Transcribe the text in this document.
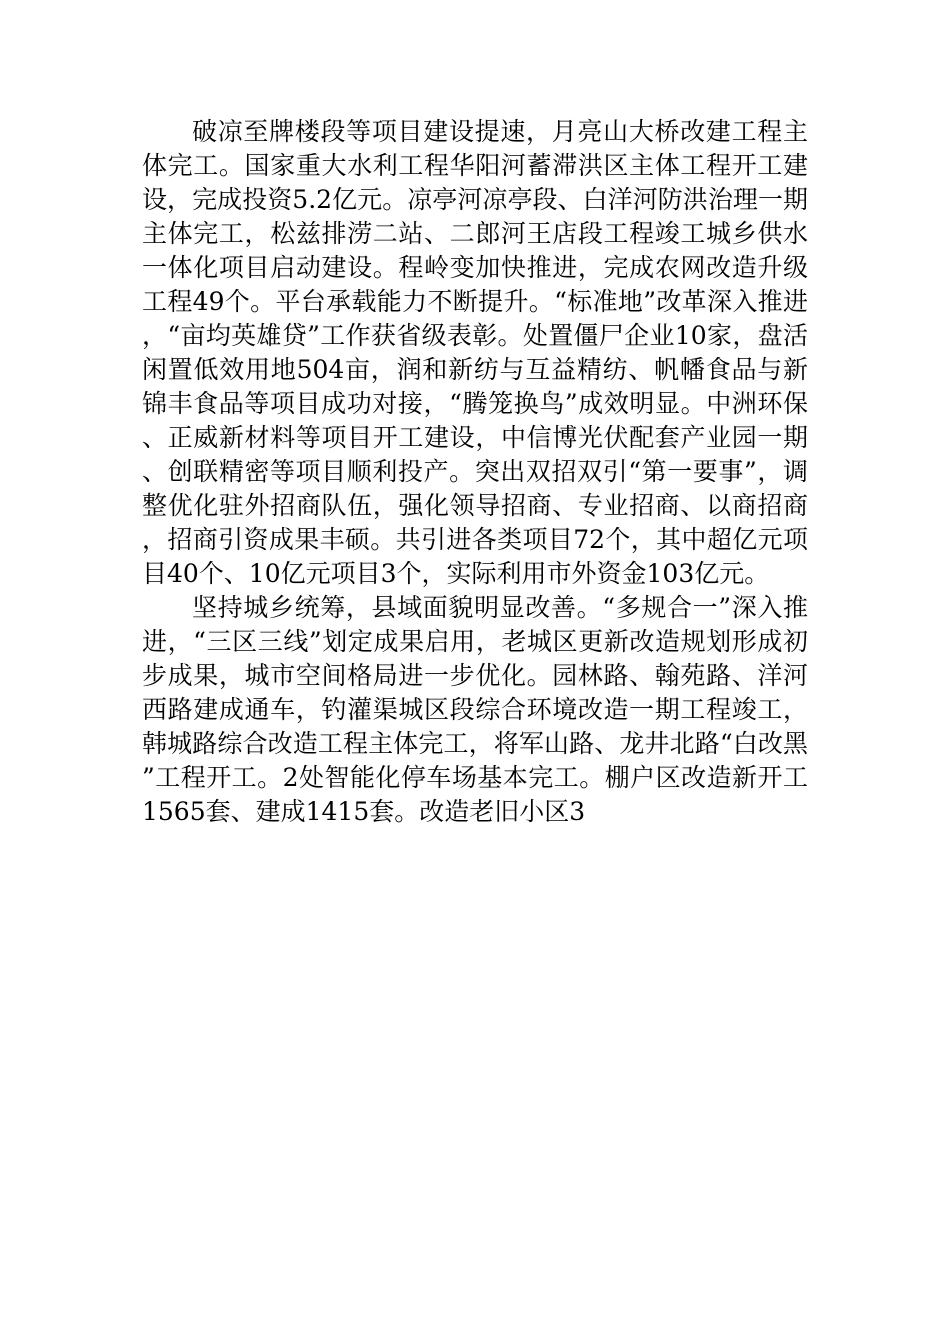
破凉至牌楼段等项目建设提速，月亮山大桥改建工程主体完工。国家重大水利工程华阳河蓄滞洪区主体工程开工建设，完成投资5.2亿元。凉亭河凉亭段、白洋河防洪治理一期主体完工，松兹排涝二站、二郎河王店段工程竣工城乡供水一体化项目启动建设。程岭变加快推进，完成农网改造升级工程49个。平台承载能力不断提升。“标准地”改革深入推进，“亩均英雄贷”工作获省级表彰。处置僵尸企业10家，盘活闲置低效用地504亩，润和新纺与互益精纺、帆幡食品与新锦丰食品等项目成功对接，“腾笼换鸟”成效明显。中洲环保、正威新材料等项目开工建设，中信博光伏配套产业园一期、创联精密等项目顺利投产。突出双招双引“第一要事”，调整优化驻外招商队伍，强化领导招商、专业招商、以商招商，招商引资成果丰硕。共引进各类项目72个，其中超亿元项目40个、10亿元项目3个，实际利用市外资金103亿元。

坚持城乡统筹，县域面貌明显改善。“多规合一”深入推进，“三区三线”划定成果启用，老城区更新改造规划形成初步成果，城市空间格局进一步优化。园林路、翰苑路、洋河西路建成通车，钓灌渠城区段综合环境改造一期工程竣工，韩城路综合改造工程主体完工，将军山路、龙井北路“白改黑”工程开工。2处智能化停车场基本完工。棚户区改造新开工1565套、建成1415套。改造老旧小区3
